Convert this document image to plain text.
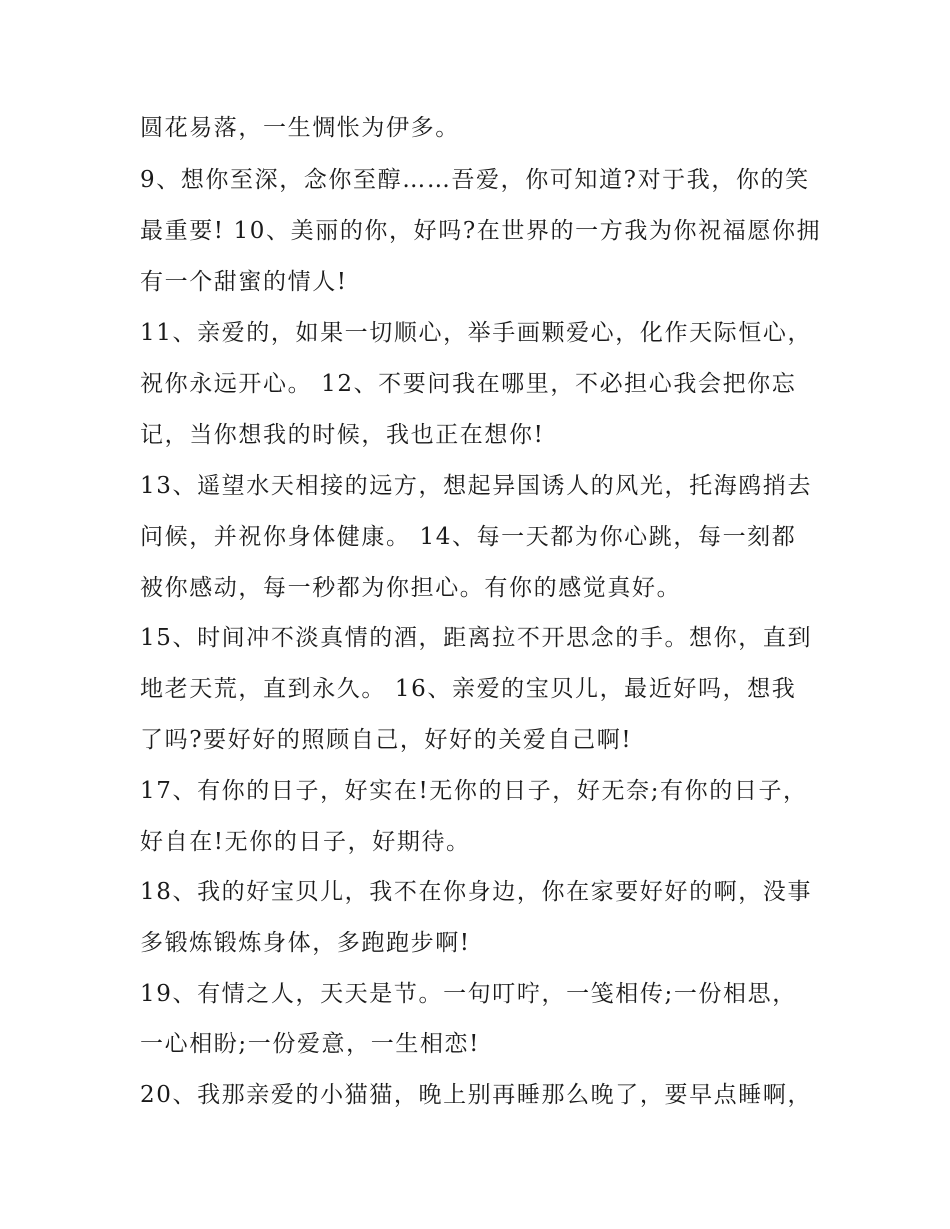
圆花易落，一生惆怅为伊多。
9、想你至深，念你至醇……吾爱，你可知道?对于我，你的笑
最重要! 10、美丽的你，好吗?在世界的一方我为你祝福愿你拥
有一个甜蜜的情人!
11、亲爱的，如果一切顺心，举手画颗爱心，化作天际恒心，
祝你永远开心。 12、不要问我在哪里，不必担心我会把你忘
记，当你想我的时候，我也正在想你!
13、遥望水天相接的远方，想起异国诱人的风光，托海鸥捎去
问候，并祝你身体健康。 14、每一天都为你心跳，每一刻都
被你感动，每一秒都为你担心。有你的感觉真好。
15、时间冲不淡真情的酒，距离拉不开思念的手。想你，直到
地老天荒，直到永久。 16、亲爱的宝贝儿，最近好吗，想我
了吗?要好好的照顾自己，好好的关爱自己啊!
17、有你的日子，好实在!无你的日子，好无奈;有你的日子，
好自在!无你的日子，好期待。
18、我的好宝贝儿，我不在你身边，你在家要好好的啊，没事
多锻炼锻炼身体，多跑跑步啊!
19、有情之人，天天是节。一句叮咛，一笺相传;一份相思，
一心相盼;一份爱意，一生相恋!
20、我那亲爱的小猫猫，晚上别再睡那么晚了，要早点睡啊，
